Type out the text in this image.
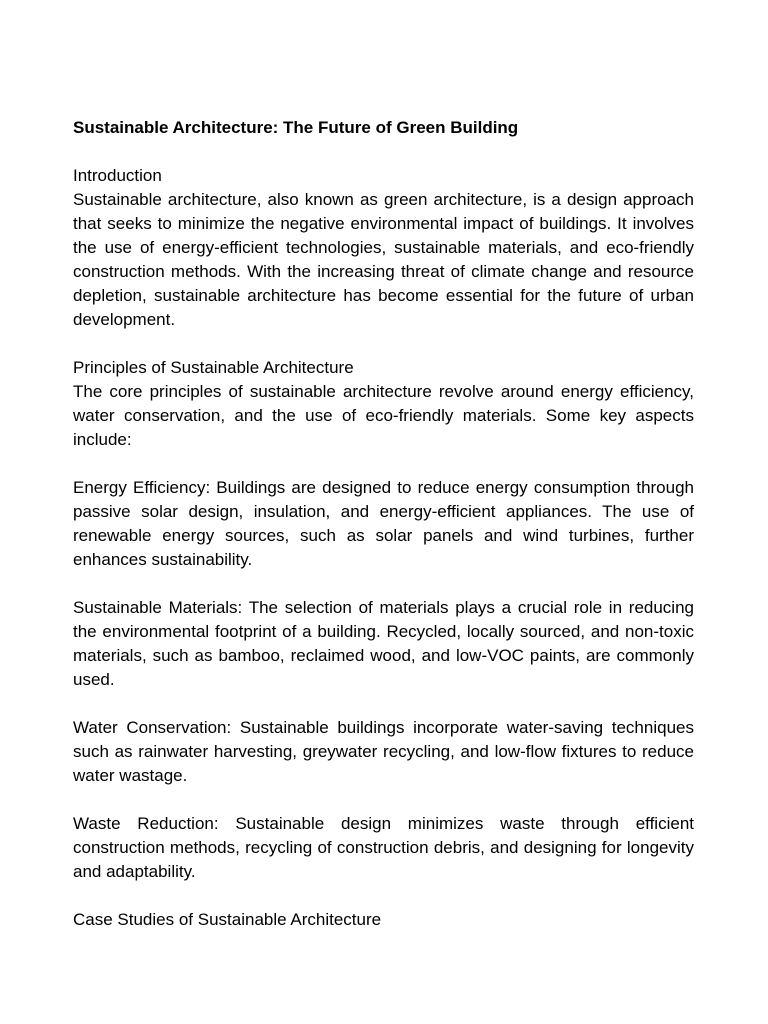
Sustainable Architecture: The Future of Green Building
Introduction

Sustainable architecture, also known as green architecture, is a design approach that seeks to minimize the negative environmental impact of buildings. It involves the use of energy-efficient technologies, sustainable materials, and eco-friendly construction methods. With the increasing threat of climate change and resource depletion, sustainable architecture has become essential for the future of urban development.

Principles of Sustainable Architecture

The core principles of sustainable architecture revolve around energy efficiency, water conservation, and the use of eco-friendly materials. Some key aspects include:

Energy Efficiency: Buildings are designed to reduce energy consumption through passive solar design, insulation, and energy-efficient appliances. The use of renewable energy sources, such as solar panels and wind turbines, further enhances sustainability.

Sustainable Materials: The selection of materials plays a crucial role in reducing the environmental footprint of a building. Recycled, locally sourced, and non-toxic materials, such as bamboo, reclaimed wood, and low-VOC paints, are commonly used.

Water Conservation: Sustainable buildings incorporate water-saving techniques such as rainwater harvesting, greywater recycling, and low-flow fixtures to reduce water wastage.

Waste Reduction: Sustainable design minimizes waste through efficient construction methods, recycling of construction debris, and designing for longevity and adaptability.

Case Studies of Sustainable Architecture
